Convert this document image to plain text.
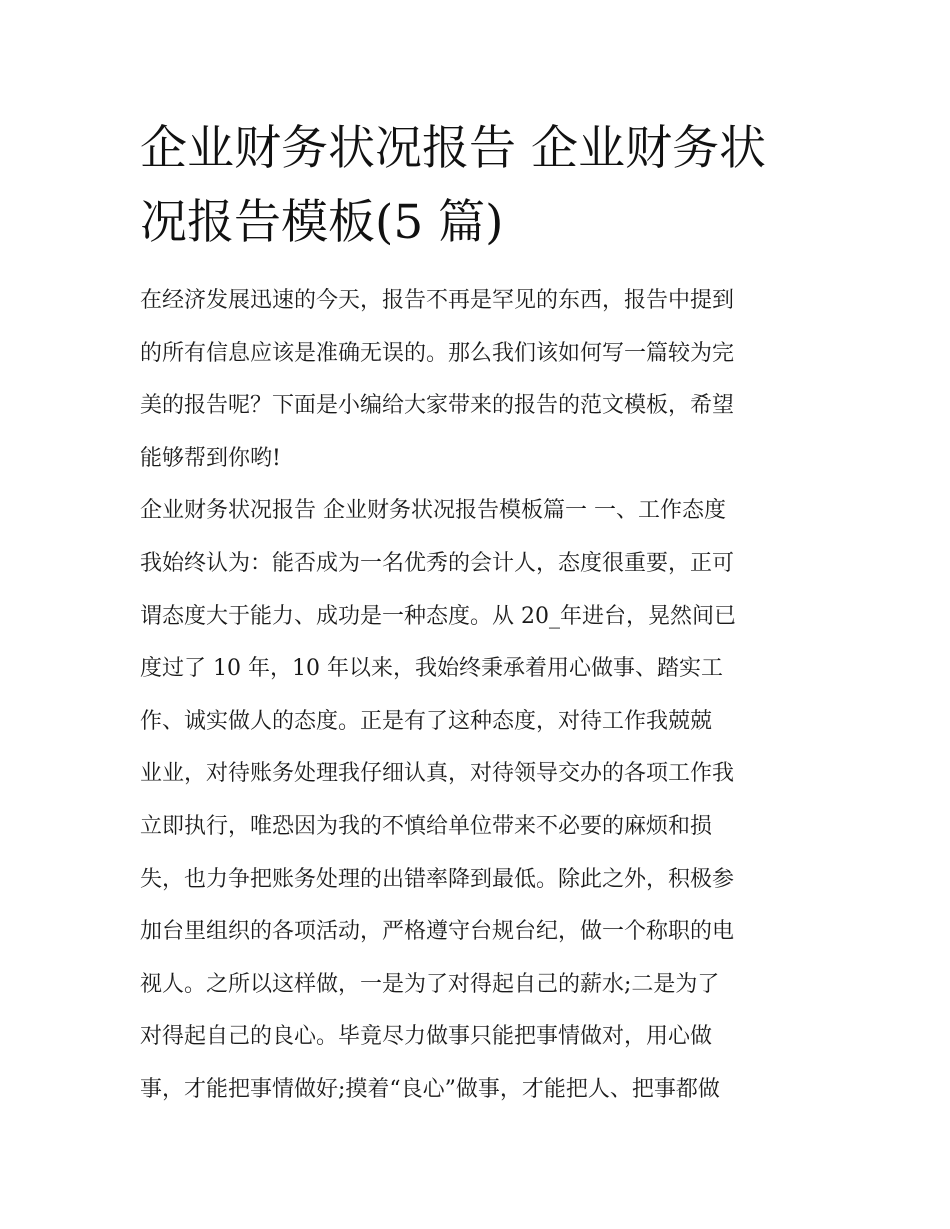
企业财务状况报告 企业财务状
况报告模板(5 篇)
在经济发展迅速的今天，报告不再是罕见的东西，报告中提到
的所有信息应该是准确无误的。那么我们该如何写一篇较为完
美的报告呢？下面是小编给大家带来的报告的范文模板，希望
能够帮到你哟!
企业财务状况报告 企业财务状况报告模板篇一 一、工作态度
我始终认为：能否成为一名优秀的会计人，态度很重要，正可
谓态度大于能力、成功是一种态度。从 20_年进台，晃然间已
度过了 10 年，10 年以来，我始终秉承着用心做事、踏实工
作、诚实做人的态度。正是有了这种态度，对待工作我兢兢
业业，对待账务处理我仔细认真，对待领导交办的各项工作我
立即执行，唯恐因为我的不慎给单位带来不必要的麻烦和损
失，也力争把账务处理的出错率降到最低。除此之外，积极参
加台里组织的各项活动，严格遵守台规台纪，做一个称职的电
视人。之所以这样做，一是为了对得起自己的薪水;二是为了
对得起自己的良心。毕竟尽力做事只能把事情做对，用心做
事，才能把事情做好;摸着“良心”做事，才能把人、把事都做
